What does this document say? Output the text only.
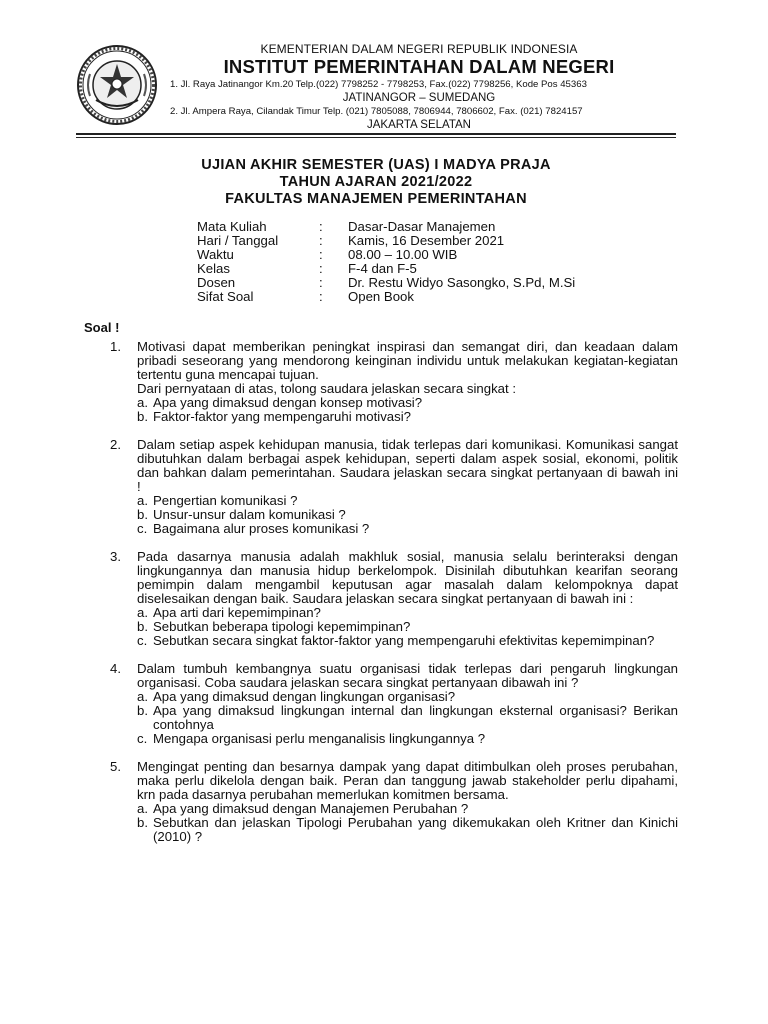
KEMENTERIAN DALAM NEGERI REPUBLIK INDONESIA
INSTITUT PEMERINTAHAN DALAM NEGERI
1. Jl. Raya Jatinangor Km.20 Telp.(022) 7798252 - 7798253, Fax.(022) 7798256, Kode Pos 45363
JATINANGOR – SUMEDANG
2. Jl. Ampera Raya, Cilandak Timur Telp. (021) 7805088, 7806944, 7806602, Fax. (021) 7824157
JAKARTA SELATAN
UJIAN AKHIR SEMESTER (UAS) I MADYA PRAJA
TAHUN AJARAN 2021/2022
FAKULTAS MANAJEMEN PEMERINTAHAN
Mata Kuliah	:	Dasar-Dasar Manajemen
Hari / Tanggal	:	Kamis, 16 Desember 2021
Waktu	:	08.00 – 10.00 WIB
Kelas	:	F-4 dan F-5
Dosen	:	Dr. Restu Widyo Sasongko, S.Pd, M.Si
Sifat Soal	:	Open Book
Soal !
1.	Motivasi dapat memberikan peningkat inspirasi dan semangat diri, dan keadaan dalam pribadi seseorang yang mendorong keinginan individu untuk melakukan kegiatan-kegiatan tertentu guna mencapai tujuan.
Dari pernyataan di atas, tolong saudara jelaskan secara singkat :
a. Apa yang dimaksud dengan konsep motivasi?
b. Faktor-faktor yang mempengaruhi motivasi?
2.	Dalam setiap aspek kehidupan manusia, tidak terlepas dari komunikasi. Komunikasi sangat dibutuhkan dalam berbagai aspek kehidupan, seperti dalam aspek sosial, ekonomi, politik dan bahkan dalam pemerintahan. Saudara jelaskan secara singkat pertanyaan di bawah ini !
a. Pengertian komunikasi ?
b. Unsur-unsur dalam komunikasi ?
c. Bagaimana alur proses komunikasi ?
3.	Pada dasarnya manusia adalah makhluk sosial, manusia selalu berinteraksi dengan lingkungannya dan manusia hidup berkelompok. Disinilah dibutuhkan kearifan seorang pemimpin dalam mengambil keputusan agar masalah dalam kelompoknya dapat diselesaikan dengan baik. Saudara jelaskan secara singkat pertanyaan di bawah ini :
a. Apa arti dari kepemimpinan?
b. Sebutkan beberapa tipologi kepemimpinan?
c. Sebutkan secara singkat faktor-faktor yang mempengaruhi efektivitas kepemimpinan?
4.	Dalam tumbuh kembangnya suatu organisasi tidak terlepas dari pengaruh lingkungan organisasi. Coba saudara jelaskan secara singkat pertanyaan dibawah ini ?
a. Apa yang dimaksud dengan lingkungan organisasi?
b. Apa yang dimaksud lingkungan internal dan lingkungan eksternal organisasi? Berikan contohnya
c. Mengapa organisasi perlu menganalisis lingkungannya ?
5.	Mengingat penting dan besarnya dampak yang dapat ditimbulkan oleh proses perubahan, maka perlu dikelola dengan baik. Peran dan tanggung jawab stakeholder perlu dipahami, krn pada dasarnya perubahan memerlukan komitmen bersama.
a. Apa yang dimaksud dengan Manajemen Perubahan ?
b. Sebutkan dan jelaskan Tipologi Perubahan yang dikemukakan oleh Kritner dan Kinichi (2010) ?
